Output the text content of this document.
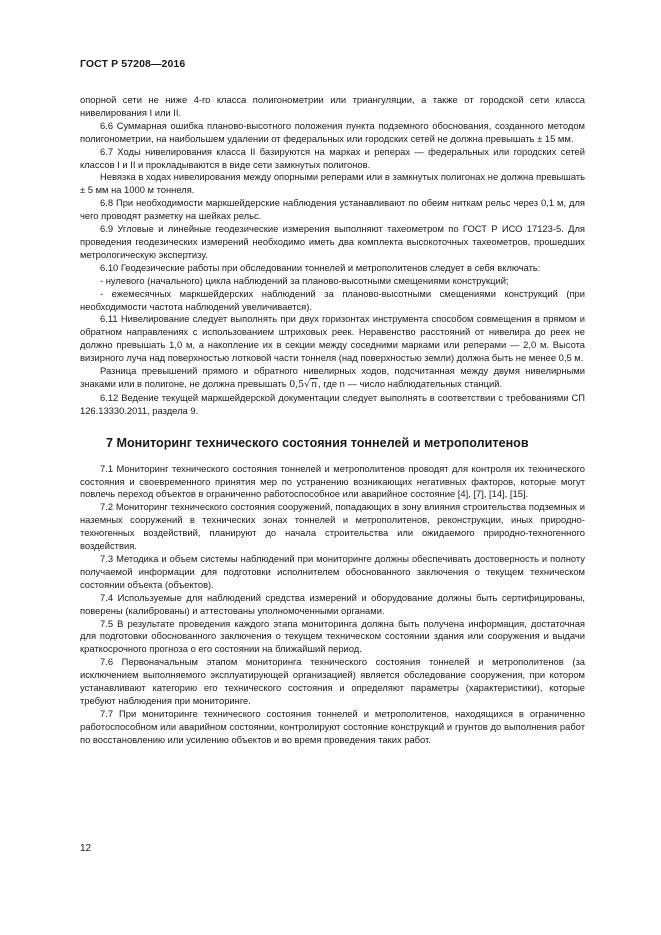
ГОСТ Р 57208—2016

опорной сети не ниже 4-го класса полигонометрии или триангуляции, а также от городской сети класса нивелирования I или II.

6.6 Суммарная ошибка планово-высотного положения пункта подземного обоснования, созданного методом полигонометрии, на наибольшем удалении от федеральных или городских сетей не должна превышать ± 15 мм.

6.7 Ходы нивелирования класса II базируются на марках и реперах — федеральных или городских сетей классов I и II и прокладываются в виде сети замкнутых полигонов.

Невязка в ходах нивелирования между опорными реперами или в замкнутых полигонах не должна превышать ± 5 мм на 1000 м тоннеля.

6.8 При необходимости маркшейдерские наблюдения устанавливают по обеим ниткам рельс через 0,1 м, для чего проводят разметку на шейках рельс.

6.9 Угловые и линейные геодезические измерения выполняют тахеометром по ГОСТ Р ИСО 17123-5. Для проведения геодезических измерений необходимо иметь два комплекта высокоточных тахеометров, прошедших метрологическую экспертизу.

6.10 Геодезические работы при обследовании тоннелей и метрополитенов следует в себя включать:

- нулевого (начального) цикла наблюдений за планово-высотными смещениями конструкций;

- ежемесячных маркшейдерских наблюдений за планово-высотными смещениями конструкций (при необходимости частота наблюдений увеличивается).

6.11 Нивелирование следует выполнять при двух горизонтах инструмента способом совмещения в прямом и обратном направлениях с использованием штриховых реек. Неравенство расстояний от нивелира до реек не должно превышать 1,0 м, а накопление их в секции между соседними марками или реперами — 2,0 м. Высота визирного луча над поверхностью лотковой части тоннеля (над поверхностью земли) должна быть не менее 0,5 м.

Разница превышений прямого и обратного нивелирных ходов, подсчитанная между двумя нивелирными знаками или в полигоне, не должна превышать 0,5√n, где n — число наблюдательных станций.

6.12 Ведение текущей маркшейдерской документации следует выполнять в соответствии с требованиями СП 126.13330.2011, раздела 9.

7 Мониторинг технического состояния тоннелей и метрополитенов

7.1 Мониторинг технического состояния тоннелей и метрополитенов проводят для контроля их технического состояния и своевременного принятия мер по устранению возникающих негативных факторов, которые могут повлечь переход объектов в ограниченно работоспособное или аварийное состояние [4], [7], [14], [15].

7.2 Мониторинг технического состояния сооружений, попадающих в зону влияния строительства подземных и наземных сооружений в технических зонах тоннелей и метрополитенов, реконструкции, иных природно-техногенных воздействий, планируют до начала строительства или ожидаемого природно-техногенного воздействия.

7.3 Методика и объем системы наблюдений при мониторинге должны обеспечивать достоверность и полноту получаемой информации для подготовки исполнителем обоснованного заключения о текущем техническом состоянии объекта (объектов).

7.4 Используемые для наблюдений средства измерений и оборудование должны быть сертифицированы, поверены (калиброваны) и аттестованы уполномоченными органами.

7.5 В результате проведения каждого этапа мониторинга должна быть получена информация, достаточная для подготовки обоснованного заключения о текущем техническом состоянии здания или сооружения и выдачи краткосрочного прогноза о его состоянии на ближайший период.

7.6 Первоначальным этапом мониторинга технического состояния тоннелей и метрополитенов (за исключением выполняемого эксплуатирующей организацией) является обследование сооружения, при котором устанавливают категорию его технического состояния и определяют параметры (характеристики), которые требуют наблюдения при мониторинге.

7.7 При мониторинге технического состояния тоннелей и метрополитенов, находящихся в ограниченно работоспособном или аварийном состоянии, контролируют состояние конструкций и грунтов до выполнения работ по восстановлению или усилению объектов и во время проведения таких работ.

12
